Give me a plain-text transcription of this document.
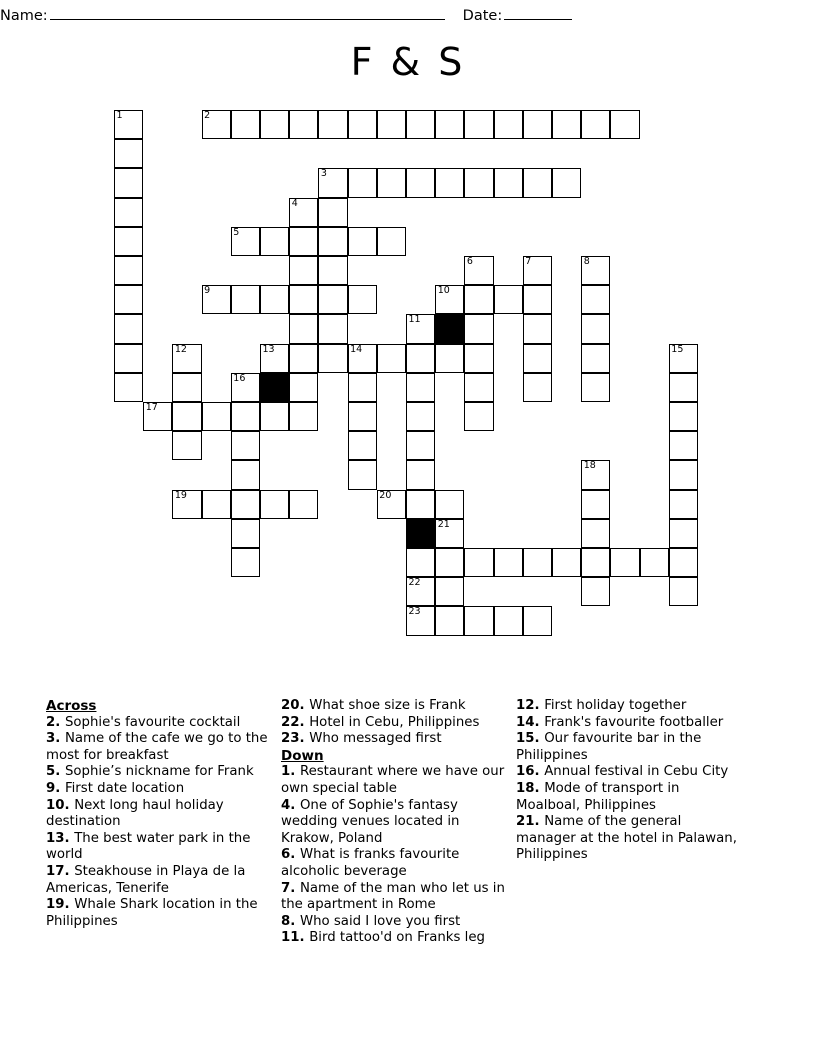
Name:	Date:
F & S
1	2
3
4
5
6	7	8
9	10
11
12	13	14	15
16
17
18
19	20
21
22
23
Across
2. Sophie's favourite cocktail
3. Name of the cafe we go to the most for breakfast
5. Sophie’s nickname for Frank
9. First date location
10. Next long haul holiday destination
13. The best water park in the world
17. Steakhouse in Playa de la Americas, Tenerife
19. Whale Shark location in the Philippines
20. What shoe size is Frank
22. Hotel in Cebu, Philippines
23. Who messaged first
Down
1. Restaurant where we have our own special table
4. One of Sophie's fantasy wedding venues located in Krakow, Poland
6. What is franks favourite alcoholic beverage
7. Name of the man who let us in the apartment in Rome
8. Who said I love you first
11. Bird tattoo'd on Franks leg
12. First holiday together
14. Frank's favourite footballer
15. Our favourite bar in the Philippines
16. Annual festival in Cebu City
18. Mode of transport in Moalboal, Philippines
21. Name of the general manager at the hotel in Palawan, Philippines
